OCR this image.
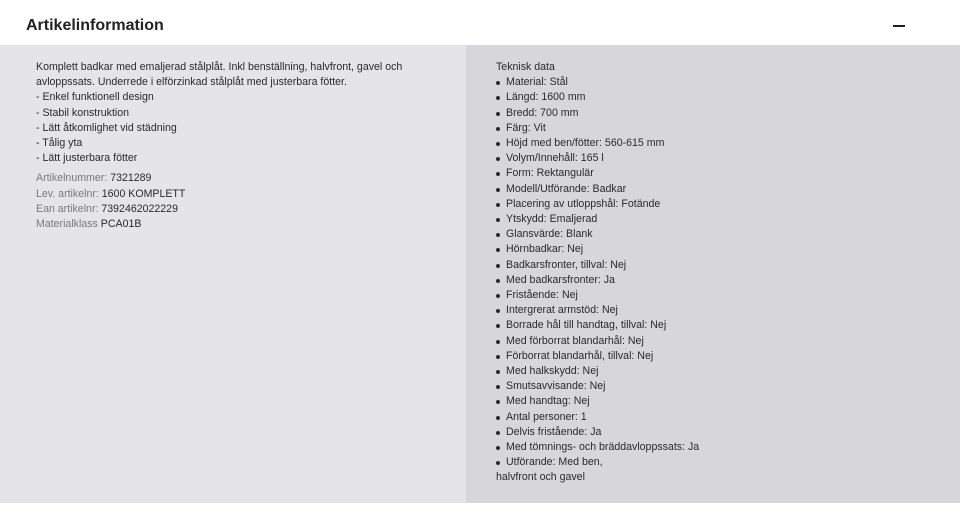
Artikelinformation

Komplett badkar med emaljerad stålplåt. Inkl benställning, halvfront, gavel och

avloppssats. Underrede i elförzinkad stålplåt med justerbara fötter.

- Enkel funktionell design

- Stabil konstruktion

- Lätt åtkomlighet vid städning

- Tålig yta

- Lätt justerbara fötter

Artikelnummer: 7321289

Lev. artikelnr: 1600 KOMPLETT

Ean artikelnr: 7392462022229

Materialklass PCA01B

Teknisk data

Material: Stål
Längd: 1600 mm
Bredd: 700 mm
Färg: Vit
Höjd med ben/fötter: 560-615 mm
Volym/Innehåll: 165 l
Form: Rektangulär
Modell/Utförande: Badkar
Placering av utloppshål: Fotände
Ytskydd: Emaljerad
Glansvärde: Blank
Hörnbadkar: Nej
Badkarsfronter, tillval: Nej
Med badkarsfronter: Ja
Fristående: Nej
Intergrerat armstöd: Nej
Borrade hål till handtag, tillval: Nej
Med förborrat blandarhål: Nej
Förborrat blandarhål, tillval: Nej
Med halkskydd: Nej
Smutsavvisande: Nej
Med handtag: Nej
Antal personer: 1
Delvis fristående: Ja
Med tömnings- och bräddavloppssats: Ja
Utförande: Med ben,

halvfront och gavel
